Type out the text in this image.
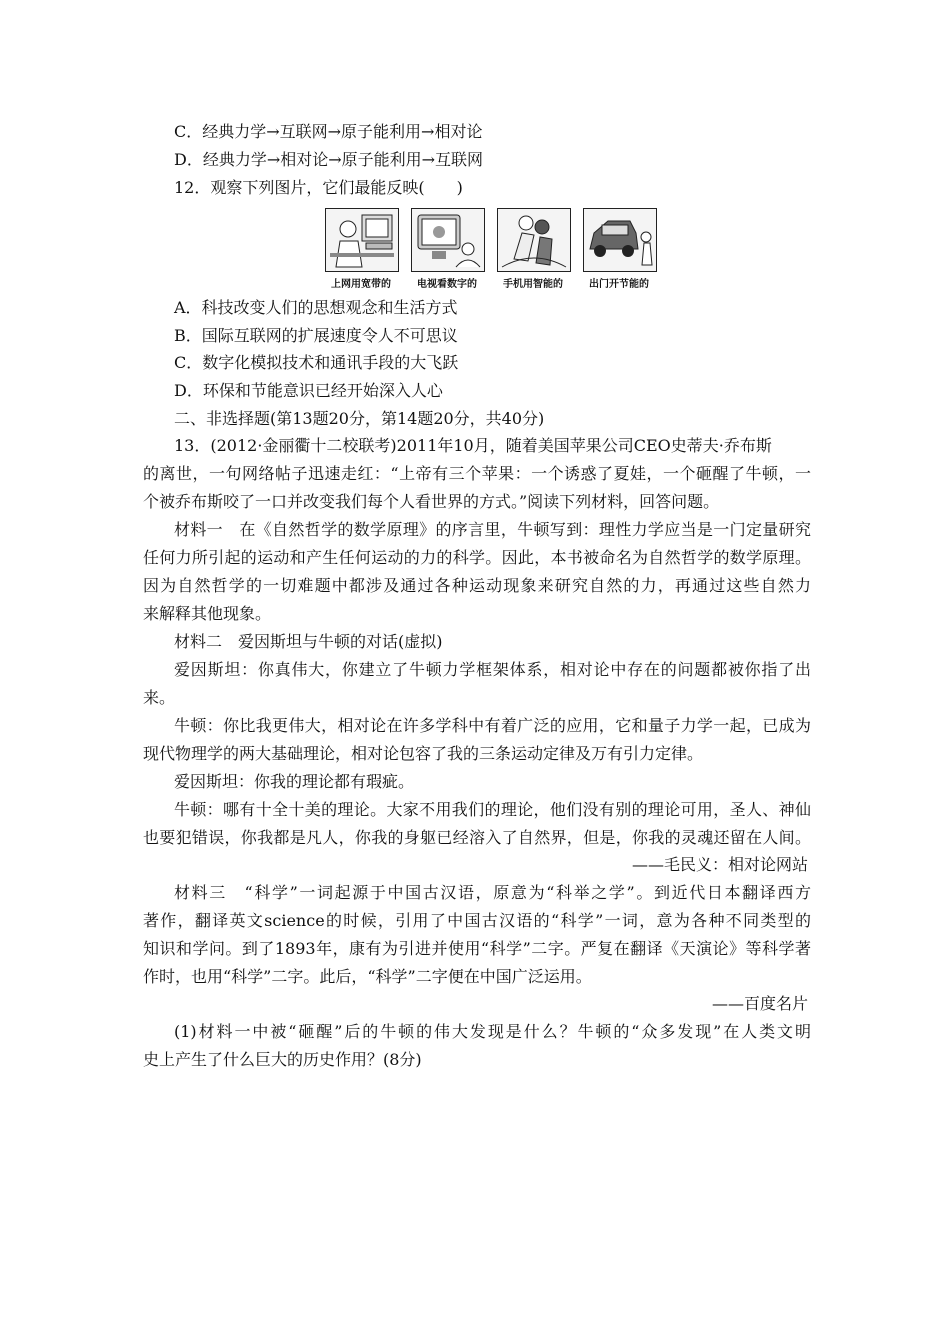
C．经典力学→互联网→原子能利用→相对论
D．经典力学→相对论→原子能利用→互联网
12．观察下列图片，它们最能反映(　　)
上网用宽带的	电视看数字的	手机用智能的	出门开节能的
A．科技改变人们的思想观念和生活方式
B．国际互联网的扩展速度令人不可思议
C．数字化模拟技术和通讯手段的大飞跃
D．环保和节能意识已经开始深入人心
二、非选择题(第13题20分，第14题20分，共40分)
13．(2012·金丽衢十二校联考)2011年10月，随着美国苹果公司CEO史蒂夫·乔布斯
的离世，一句网络帖子迅速走红：“上帝有三个苹果：一个诱惑了夏娃，一个砸醒了牛顿，一
个被乔布斯咬了一口并改变我们每个人看世界的方式。”阅读下列材料，回答问题。
材料一　在《自然哲学的数学原理》的序言里，牛顿写到：理性力学应当是一门定量研究
任何力所引起的运动和产生任何运动的力的科学。因此，本书被命名为自然哲学的数学原理。
因为自然哲学的一切难题中都涉及通过各种运动现象来研究自然的力，再通过这些自然力
来解释其他现象。
材料二　爱因斯坦与牛顿的对话(虚拟)
爱因斯坦：你真伟大，你建立了牛顿力学框架体系，相对论中存在的问题都被你指了出
来。
牛顿：你比我更伟大，相对论在许多学科中有着广泛的应用，它和量子力学一起，已成为
现代物理学的两大基础理论，相对论包容了我的三条运动定律及万有引力定律。
爱因斯坦：你我的理论都有瑕疵。
牛顿：哪有十全十美的理论。大家不用我们的理论，他们没有别的理论可用，圣人、神仙
也要犯错误，你我都是凡人，你我的身躯已经溶入了自然界，但是，你我的灵魂还留在人间。
——毛民义：相对论网站
材料三　“科学”一词起源于中国古汉语，原意为“科举之学”。到近代日本翻译西方
著作，翻译英文science的时候，引用了中国古汉语的“科学”一词，意为各种不同类型的
知识和学问。到了1893年，康有为引进并使用“科学”二字。严复在翻译《天演论》等科学著
作时，也用“科学”二字。此后，“科学”二字便在中国广泛运用。
——百度名片
(1)材料一中被“砸醒”后的牛顿的伟大发现是什么？牛顿的“众多发现”在人类文明
史上产生了什么巨大的历史作用？(8分)
